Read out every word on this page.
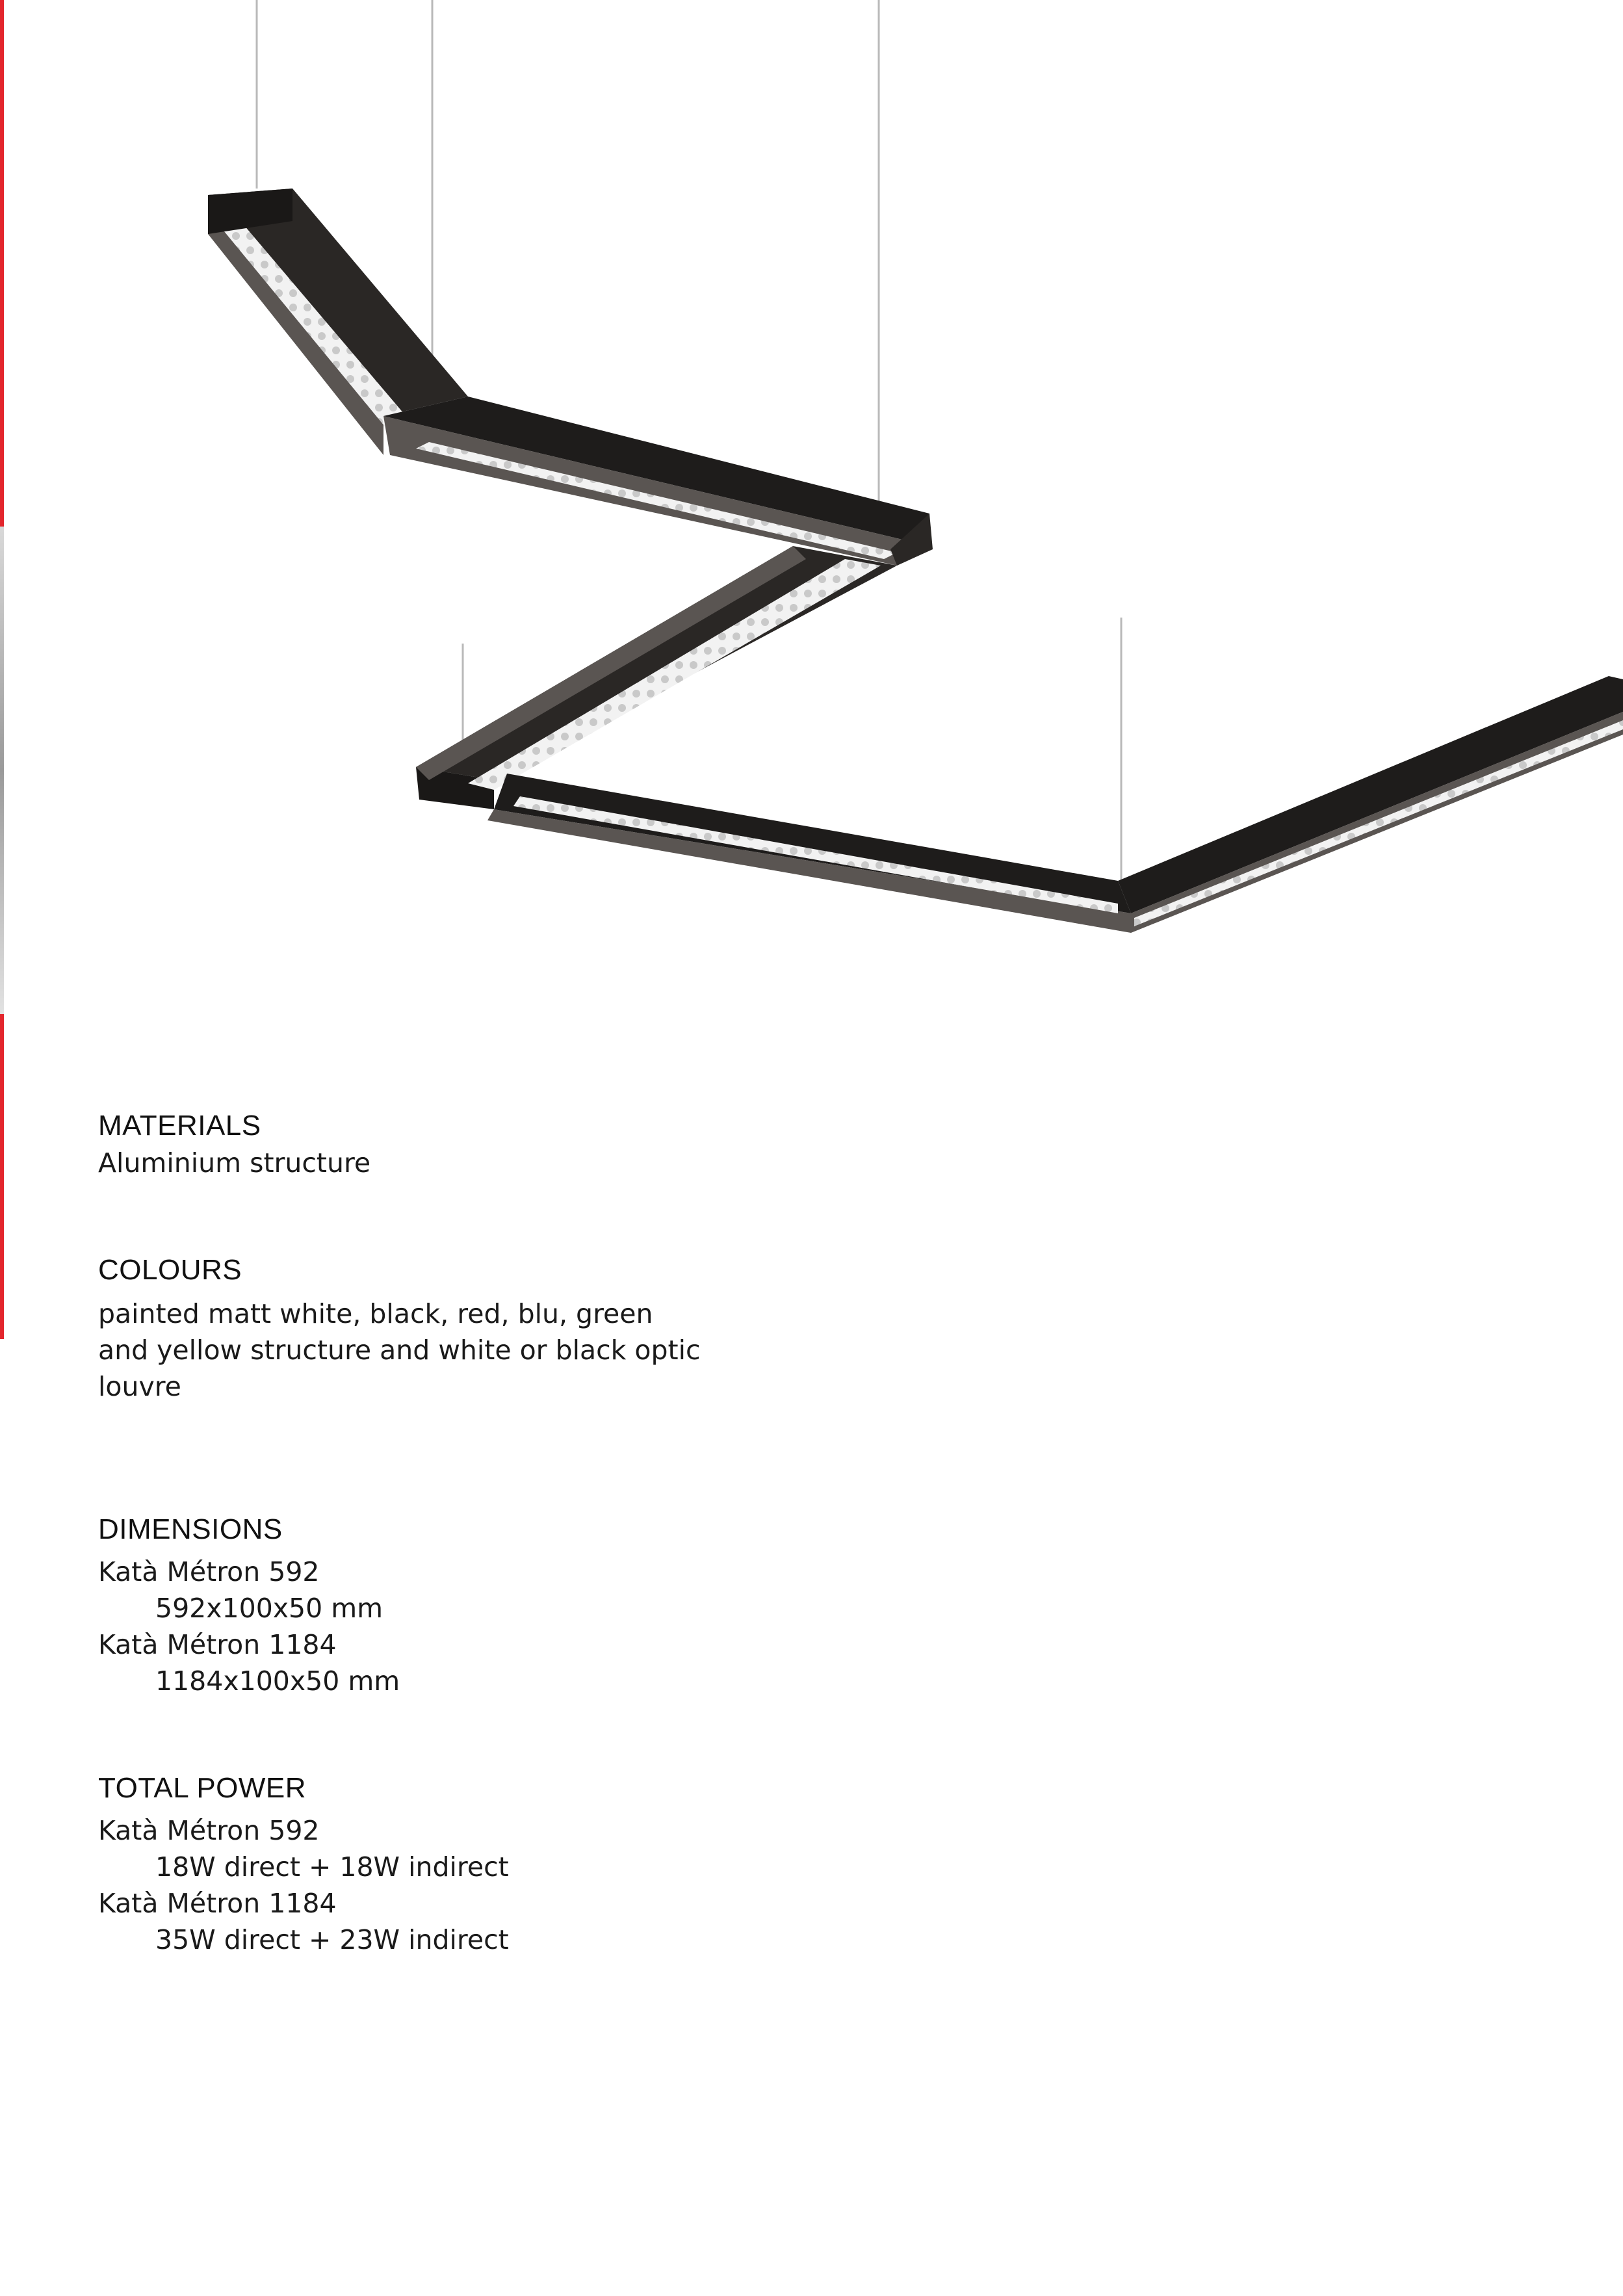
MATERIALS

Aluminium structure

COLOURS

painted matt white, black, red, blu, green and yellow structure and white or black optic louvre

DIMENSIONS
Katà Métron 592
592x100x50 mm
Katà Métron 1184
1184x100x50 mm
TOTAL POWER
Katà Métron 592
18W direct + 18W indirect
Katà Métron 1184
35W direct + 23W indirect
